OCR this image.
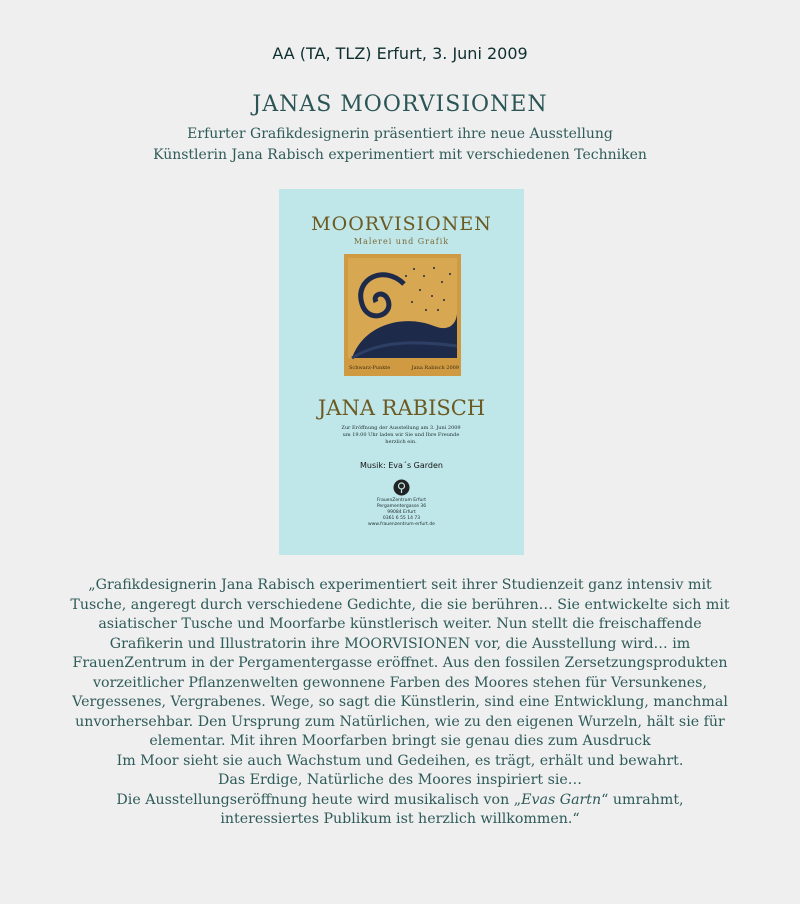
AA (TA, TLZ) Erfurt, 3. Juni 2009
JANAS MOORVISIONEN
Erfurter Grafikdesignerin präsentiert ihre neue Ausstellung
Künstlerin Jana Rabisch experimentiert mit verschiedenen Techniken
MOORVISIONEN
Malerei und Grafik
Schwarz-Punkte	Jana Rabisch 2009
JANA RABISCH
Zur Eröffnung der Ausstellung am 3. Juni 2009 um 19.00 Uhr laden wir Sie und Ihre Freunde herzlich ein.
Musik: Eva´s Garden
FrauenZentrum Erfurt
Pergamentergasse 36
99084 Erfurt
0361 6 55 14 73
www.frauenzentrum-erfurt.de
„Grafikdesignerin Jana Rabisch experimentiert seit ihrer Studienzeit ganz intensiv mit
Tusche, angeregt durch verschiedene Gedichte, die sie berühren… Sie entwickelte sich mit
asiatischer Tusche und Moorfarbe künstlerisch weiter. Nun stellt die freischaffende
Grafikerin und Illustratorin ihre MOORVISIONEN vor, die Ausstellung wird… im
FrauenZentrum in der Pergamentergasse eröffnet. Aus den fossilen Zersetzungsprodukten
vorzeitlicher Pflanzenwelten gewonnene Farben des Moores stehen für Versunkenes,
Vergessenes, Vergrabenes. Wege, so sagt die Künstlerin, sind eine Entwicklung, manchmal
unvorhersehbar. Den Ursprung zum Natürlichen, wie zu den eigenen Wurzeln, hält sie für
elementar. Mit ihren Moorfarben bringt sie genau dies zum Ausdruck
Im Moor sieht sie auch Wachstum und Gedeihen, es trägt, erhält und bewahrt.
Das Erdige, Natürliche des Moores inspiriert sie…
Die Ausstellungseröffnung heute wird musikalisch von „Evas Gartn“ umrahmt,
interessiertes Publikum ist herzlich willkommen.“
